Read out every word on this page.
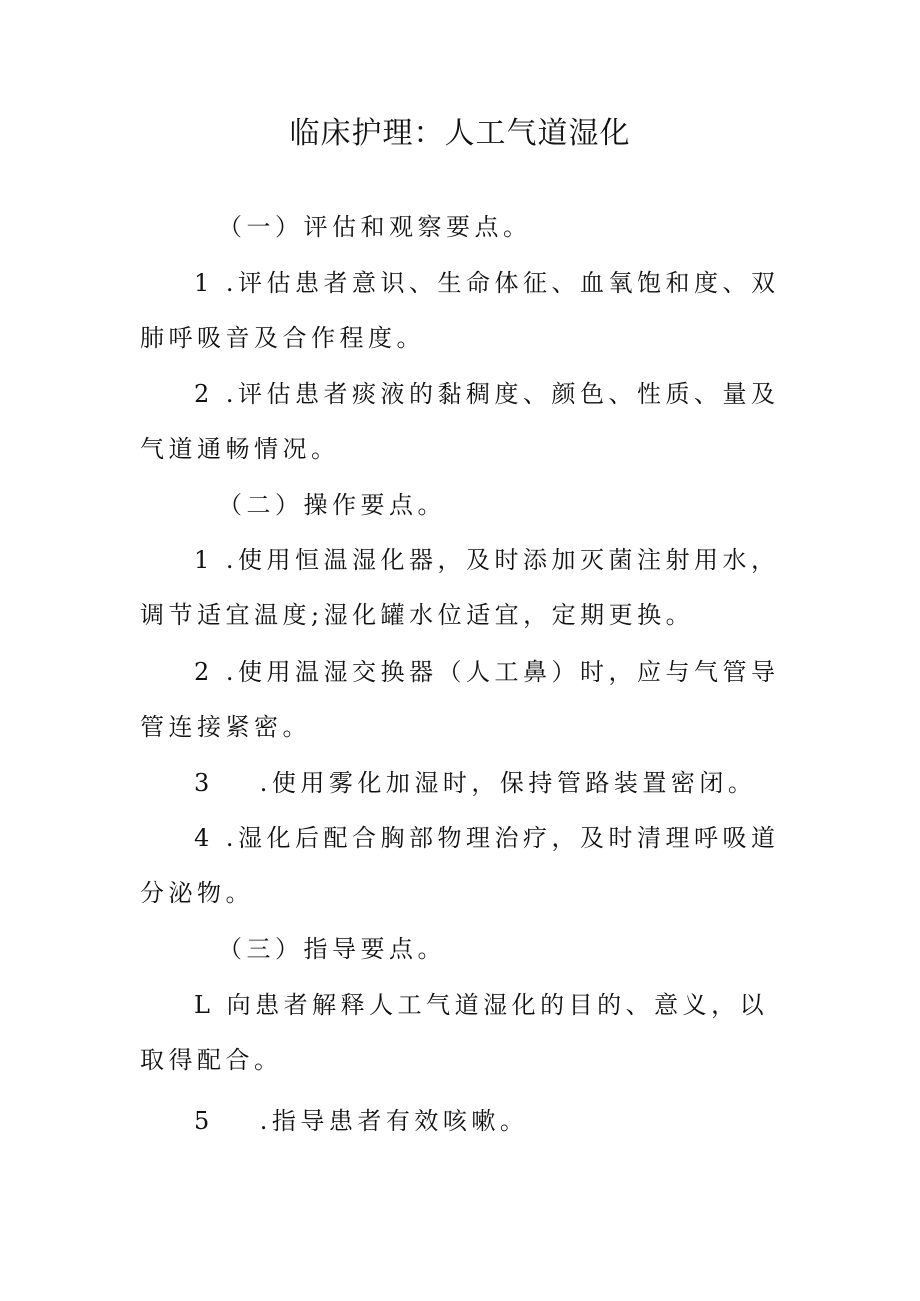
临床护理：人工气道湿化

（一）评估和观察要点。

1 .评估患者意识、生命体征、血氧饱和度、双肺呼吸音及合作程度。

2 .评估患者痰液的黏稠度、颜色、性质、量及气道通畅情况。

（二）操作要点。

1 .使用恒温湿化器，及时添加灭菌注射用水，调节适宜温度;湿化罐水位适宜，定期更换。

2 .使用温湿交换器（人工鼻）时，应与气管导管连接紧密。

3 .使用雾化加湿时，保持管路装置密闭。

4 .湿化后配合胸部物理治疗，及时清理呼吸道分泌物。

（三）指导要点。

L 向患者解释人工气道湿化的目的、意义，以取得配合。

5 .指导患者有效咳嗽。
